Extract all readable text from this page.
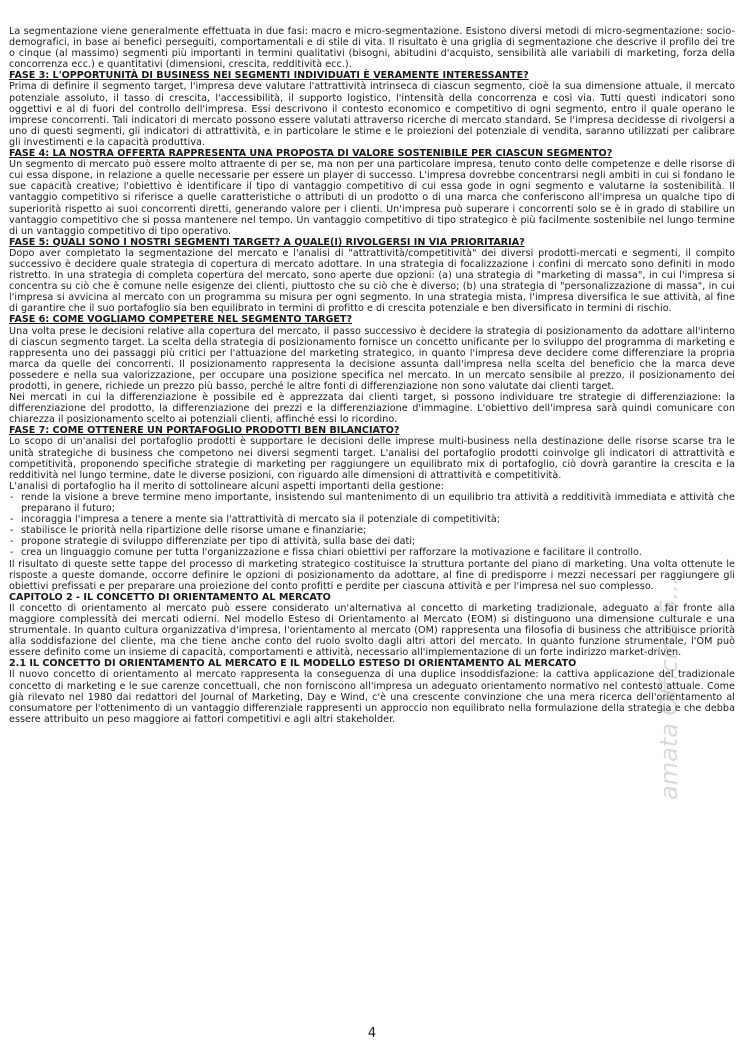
La segmentazione viene generalmente effettuata in due fasi: macro e micro-segmentazione. Esistono diversi metodi di micro-segmentazione: socio-demografici, in base ai benefici perseguiti, comportamentali e di stile di vita. Il risultato è una griglia di segmentazione che descrive il profilo dei tre o cinque (al massimo) segmenti più importanti in termini qualitativi (bisogni, abitudini d'acquisto, sensibilità alle variabili di marketing, forza della concorrenza ecc.) e quantitativi (dimensioni, crescita, redditività ecc.).

FASE 3: L'OPPORTUNITÀ DI BUSINESS NEI SEGMENTI INDIVIDUATI È VERAMENTE INTERESSANTE?

Prima di definire il segmento target, l'impresa deve valutare l'attrattività intrinseca di ciascun segmento, cioè la sua dimensione attuale, il mercato potenziale assoluto, il tasso di crescita, l'accessibilità, il supporto logistico, l'intensità della concorrenza e così via. Tutti questi indicatori sono oggettivi e al di fuori del controllo dell'impresa. Essi descrivono il contesto economico e competitivo di ogni segmento, entro il quale operano le imprese concorrenti. Tali indicatori di mercato possono essere valutati attraverso ricerche di mercato standard. Se l'impresa decidesse di rivolgersi a uno di questi segmenti, gli indicatori di attrattività, e in particolare le stime e le proiezioni del potenziale di vendita, saranno utilizzati per calibrare gli investimenti e la capacità produttiva.

FASE 4: LA NOSTRA OFFERTA RAPPRESENTA UNA PROPOSTA DI VALORE SOSTENIBILE PER CIASCUN SEGMENTO?

Un segmento di mercato può essere molto attraente di per se, ma non per una particolare impresa, tenuto conto delle competenze e delle risorse di cui essa dispone, in relazione a quelle necessarie per essere un player di successo. L'impresa dovrebbe concentrarsi negli ambiti in cui si fondano le sue capacità creative; l'obiettivo è identificare il tipo di vantaggio competitivo di cui essa gode in ogni segmento e valutarne la sostenibilità. Il vantaggio competitivo si riferisce a quelle caratteristiche o attributi di un prodotto o di una marca che conferiscono all'impresa un qualche tipo di superiorità rispetto ai suoi concorrenti diretti, generando valore per i clienti. Un'impresa può superare i concorrenti solo se è in grado di stabilire un vantaggio competitivo che si possa mantenere nel tempo. Un vantaggio competitivo di tipo strategico è più facilmente sostenibile nel lungo termine di un vantaggio competitivo di tipo operativo.

FASE 5: QUALI SONO I NOSTRI SEGMENTI TARGET? A QUALE(I) RIVOLGERSI IN VIA PRIORITARIA?

Dopo aver completato la segmentazione del mercato e l'analisi di "attrattività/competitività" dei diversi prodotti-mercati e segmenti, il compito successivo è decidere quale strategia di copertura di mercato adottare. In una strategia di focalizzazione i confini di mercato sono definiti in modo ristretto. In una strategia di completa copertura del mercato, sono aperte due opzioni: (a) una strategia di "marketing di massa", in cui l'impresa si concentra su ciò che è comune nelle esigenze dei clienti, piuttosto che su ciò che è diverso; (b) una strategia di "personalizzazione di massa", in cui l'impresa si avvicina al mercato con un programma su misura per ogni segmento. In una strategia mista, l'impresa diversifica le sue attività, al fine di garantire che il suo portafoglio sia ben equilibrato in termini di profitto e di crescita potenziale e ben diversificato in termini di rischio.

FASE 6: COME VOGLIAMO COMPETERE NEL SEGMENTO TARGET?

Una volta prese le decisioni relative alla copertura del mercato, il passo successivo è decidere la strategia di posizionamento da adottare all'interno di ciascun segmento target. La scelta della strategia di posizionamento fornisce un concetto unificante per lo sviluppo del programma di marketing e rappresenta uno dei passaggi più critici per l'attuazione del marketing strategico, in quanto l'impresa deve decidere come differenziare la propria marca da quelle dei concorrenti. Il posizionamento rappresenta la decisione assunta dall'impresa nella scelta del beneficio che la marca deve possedere e nella sua valorizzazione, per occupare una posizione specifica nel mercato. In un mercato sensibile al prezzo, il posizionamento dei prodotti, in genere, richiede un prezzo più basso, perché le altre fonti di differenziazione non sono valutate dai clienti target.

Nei mercati in cui la differenziazione è possibile ed è apprezzata dai clienti target, si possono individuare tre strategie di differenziazione: la differenziazione del prodotto, la differenziazione dei prezzi e la differenziazione d'immagine. L'obiettivo dell'impresa sarà quindi comunicare con chiarezza il posizionamento scelto ai potenziali clienti, affinché essi lo ricordino.

FASE 7: COME OTTENERE UN PORTAFOGLIO PRODOTTI BEN BILANCIATO?

Lo scopo di un'analisi del portafoglio prodotti è supportare le decisioni delle imprese multi-business nella destinazione delle risorse scarse tra le unità strategiche di business che competono nei diversi segmenti target. L'analisi del portafoglio prodotti coinvolge gli indicatori di attrattività e competitività, proponendo specifiche strategie di marketing per raggiungere un equilibrato mix di portafoglio, ciò dovrà garantire la crescita e la redditività nel lungo termine, date le diverse posizioni, con riguardo alle dimensioni di attrattività e competitività.

L'analisi di portafoglio ha il merito di sottolineare alcuni aspetti importanti della gestione:

- rende la visione a breve termine meno importante, insistendo sul mantenimento di un equilibrio tra attività a redditività immediata e attività che preparano il futuro;
- incoraggia l'impresa a tenere a mente sia l'attrattività di mercato sia il potenziale di competitività;
- stabilisce le priorità nella ripartizione delle risorse umane e finanziarie;
- propone strategie di sviluppo differenziate per tipo di attività, sulla base dei dati;
- crea un linguaggio comune per tutta l'organizzazione e fissa chiari obiettivi per rafforzare la motivazione e facilitare il controllo.

Il risultato di queste sette tappe del processo di marketing strategico costituisce la struttura portante del piano di marketing. Una volta ottenute le risposte a queste domande, occorre definire le opzioni di posizionamento da adottare, al fine di predisporre i mezzi necessari per raggiungere gli obiettivi prefissati e per preparare una proiezione del conto profitti e perdite per ciascuna attività e per l'impresa nel suo complesso.

CAPITOLO 2 - IL CONCETTO DI ORIENTAMENTO AL MERCATO

Il concetto di orientamento al mercato può essere considerato un'alternativa al concetto di marketing tradizionale, adeguato a far fronte alla maggiore complessità dei mercati odierni. Nel modello Esteso di Orientamento al Mercato (EOM) si distinguono una dimensione culturale e una strumentale. In quanto cultura organizzativa d'impresa, l'orientamento al mercato (OM) rappresenta una filosofia di business che attribuisce priorità alla soddisfazione del cliente, ma che tiene anche conto del ruolo svolto dagli altri attori del mercato. In quanto funzione strumentale, l'OM può essere definito come un insieme di capacità, comportamenti e attività, necessario all'implementazione di un forte indirizzo market-driven.

2.1 IL CONCETTO DI ORIENTAMENTO AL MERCATO E IL MODELLO ESTESO DI ORIENTAMENTO AL MERCATO

Il nuovo concetto di orientamento al mercato rappresenta la conseguenza di una duplice insoddisfazione: la cattiva applicazione del tradizionale concetto di marketing e le sue carenze concettuali, che non forniscono all'impresa un adeguato orientamento normativo nel contesto attuale. Come già rilevato nel 1980 dai redattori del Journal of Marketing, Day e Wind, c'è una crescente convinzione che una mera ricerca dell'orientamento al consumatore per l'ottenimento di un vantaggio differenziale rappresenti un approccio non equilibrato nella formulazione della strategia e che debba essere attribuito un peso maggiore ai fattori competitivi e agli altri stakeholder.	amata Officina S...
4
